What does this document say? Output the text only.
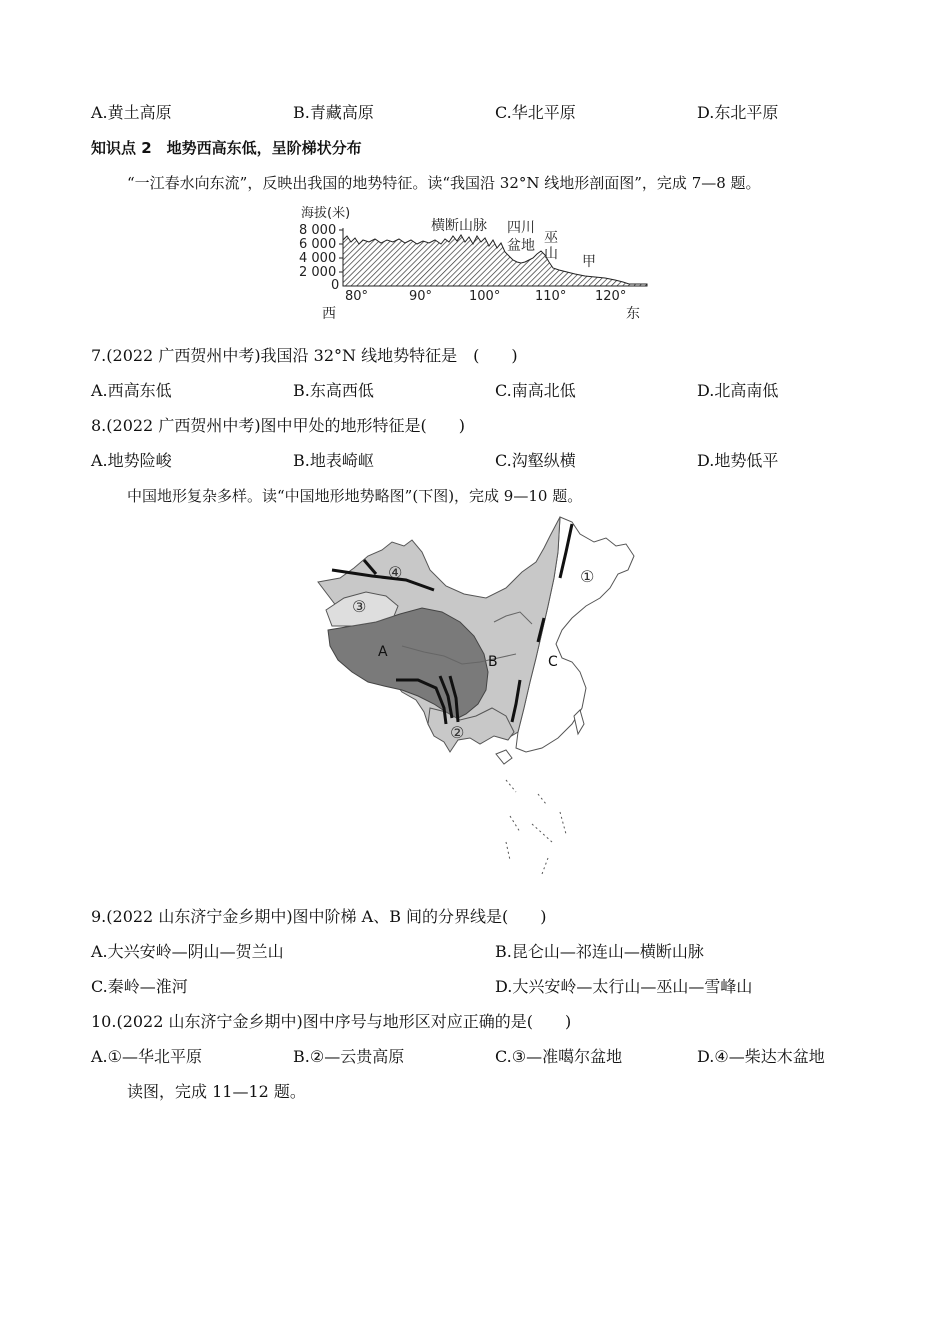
A.黄土高原	B.青藏高原	C.华北平原	D.东北平原
知识点 2　地势西高东低，呈阶梯状分布
“一江春水向东流”，反映出我国的地势特征。读“我国沿 32°N 线地形剖面图”，完成 7—8 题。
海拔(米)
8 000
6 000
4 000
2 000
0
80°	90°	100°	110° 120°
西	东
横断山脉 四川
盆地 巫
山 甲
7.(2022 广西贺州中考)我国沿 32°N 线地势特征是　(　　)
A.西高东低	B.东高西低	C.南高北低	D.北高南低
8.(2022 广西贺州中考)图中甲处的地形特征是(　　)
A.地势险峻	B.地表崎岖	C.沟壑纵横	D.地势低平
中国地形复杂多样。读“中国地形地势略图”(下图)，完成 9—10 题。
A
B	C
①
②
③
④
9.(2022 山东济宁金乡期中)图中阶梯 A、B 间的分界线是(　　)
A.大兴安岭—阴山—贺兰山	B.昆仑山—祁连山—横断山脉
C.秦岭—淮河	D.大兴安岭—太行山—巫山—雪峰山
10.(2022 山东济宁金乡期中)图中序号与地形区对应正确的是(　　)
A.①—华北平原	B.②—云贵高原	C.③—准噶尔盆地	D.④—柴达木盆地
读图，完成 11—12 题。
